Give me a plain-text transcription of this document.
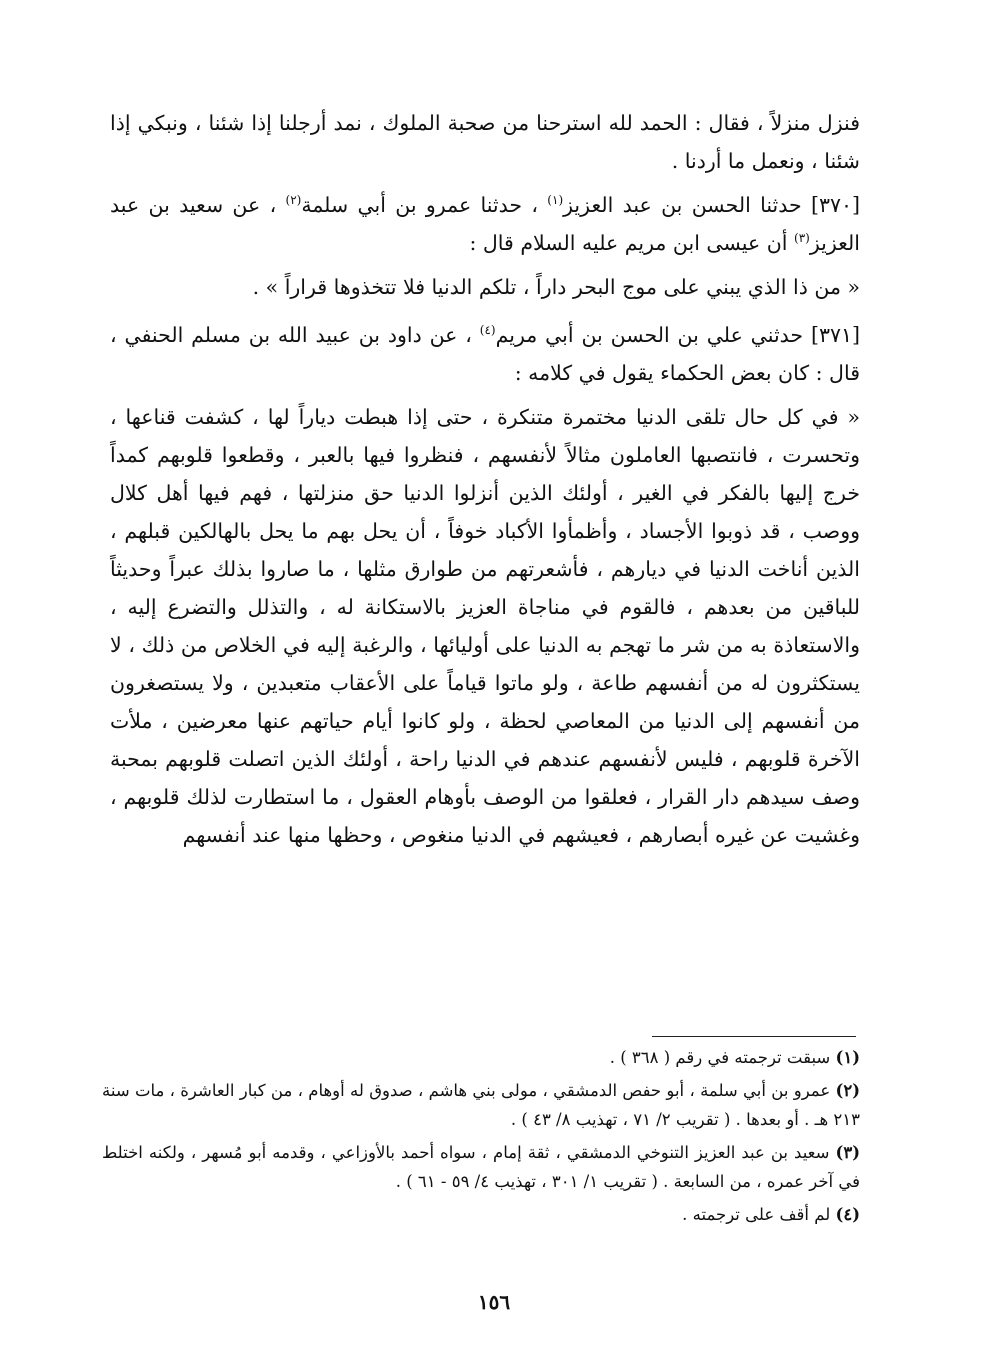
فنزل منزلاً ، فقال : الحمد لله استرحنا من صحبة الملوك ، نمد أرجلنا إذا شئنا ، ونبكي إذا شئنا ، ونعمل ما أردنا .

[٣٧٠] حدثنا الحسن بن عبد العزيز$^{(١)}$ ، حدثنا عمرو بن أبي سلمة$^{(٢)}$ ، عن سعيد بن عبد العزيز$^{(٣)}$ أن عيسى ابن مريم عليه السلام قال :

« من ذا الذي يبني على موج البحر داراً ، تلكم الدنيا فلا تتخذوها قراراً » .

[٣٧١] حدثني علي بن الحسن بن أبي مريم$^{(٤)}$ ، عن داود بن عبيد الله بن مسلم الحنفي ، قال : كان بعض الحكماء يقول في كلامه :

« في كل حال تلقى الدنيا مختمرة متنكرة ، حتى إذا هبطت دياراً لها ، كشفت قناعها ، وتحسرت ، فانتصبها العاملون مثالاً لأنفسهم ، فنظروا فيها بالعبر ، وقطعوا قلوبهم كمداً خرج إليها بالفكر في الغير ، أولئك الذين أنزلوا الدنيا حق منزلتها ، فهم فيها أهل كلال ووصب ، قد ذوبوا الأجساد ، وأظمأوا الأكباد خوفاً ، أن يحل بهم ما يحل بالهالكين قبلهم ، الذين أناخت الدنيا في ديارهم ، فأشعرتهم من طوارق مثلها ، ما صاروا بذلك عبراً وحديثاً للباقين من بعدهم ، فالقوم في مناجاة العزيز بالاستكانة له ، والتذلل والتضرع إليه ، والاستعاذة به من شر ما تهجم به الدنيا على أوليائها ، والرغبة إليه في الخلاص من ذلك ، لا يستكثرون له من أنفسهم طاعة ، ولو ماتوا قياماً على الأعقاب متعبدين ، ولا يستصغرون من أنفسهم إلى الدنيا من المعاصي لحظة ، ولو كانوا أيام حياتهم عنها معرضين ، ملأت الآخرة قلوبهم ، فليس لأنفسهم عندهم في الدنيا راحة ، أولئك الذين اتصلت قلوبهم بمحبة وصف سيدهم دار القرار ، فعلقوا من الوصف بأوهام العقول ، ما استطارت لذلك قلوبهم ، وغشيت عن غيره أبصارهم ، فعيشهم في الدنيا منغوص ، وحظها منها عند أنفسهم

(١) سبقت ترجمته في رقم ( ٣٦٨ ) .

(٢) عمرو بن أبي سلمة ، أبو حفص الدمشقي ، مولى بني هاشم ، صدوق له أوهام ، من كبار العاشرة ، مات سنة ٢١٣ هـ . أو بعدها . ( تقريب ٢/ ٧١ ، تهذيب ٨/ ٤٣ ) .

(٣) سعيد بن عبد العزيز التنوخي الدمشقي ، ثقة إمام ، سواه أحمد بالأوزاعي ، وقدمه أبو مُسهر ، ولكنه اختلط في آخر عمره ، من السابعة . ( تقريب ١/ ٣٠١ ، تهذيب ٤/ ٥٩ - ٦١ ) .

(٤) لم أقف على ترجمته .

١٥٦
